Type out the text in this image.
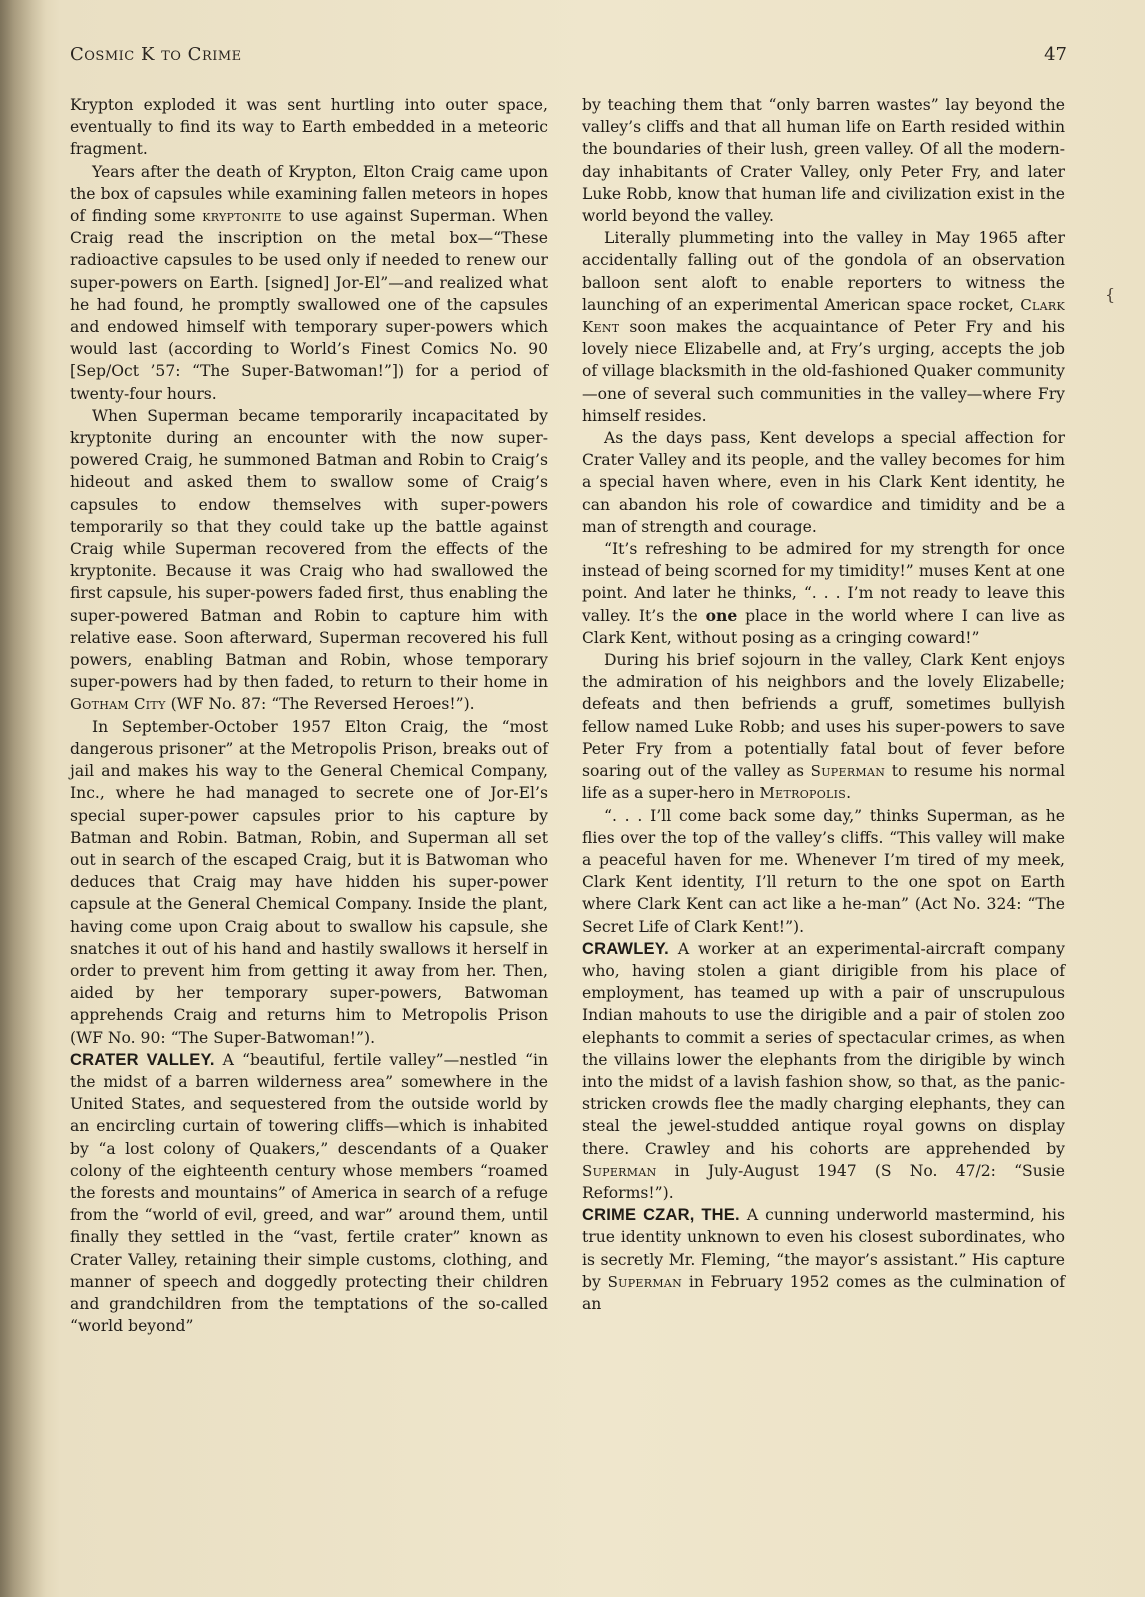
Cosmic K to Crime	47
{

Krypton exploded it was sent hurtling into outer space, eventually to find its way to Earth embedded in a meteoric fragment.

Years after the death of Krypton, Elton Craig came upon the box of capsules while examining fallen meteors in hopes of finding some kryptonite to use against Superman. When Craig read the inscription on the metal box—“These radioactive capsules to be used only if needed to renew our super-powers on Earth. [signed] Jor-El”—and realized what he had found, he promptly swallowed one of the capsules and endowed himself with temporary super-powers which would last (according to World’s Finest Comics No. 90 [Sep/Oct ’57: “The Super-Batwoman!”]) for a period of twenty-four hours.

When Superman became temporarily incapacitated by kryptonite during an encounter with the now super-powered Craig, he summoned Batman and Robin to Craig’s hideout and asked them to swallow some of Craig’s capsules to endow themselves with super-powers temporarily so that they could take up the battle against Craig while Superman recovered from the effects of the kryptonite. Because it was Craig who had swallowed the first capsule, his super-powers faded first, thus enabling the super-powered Batman and Robin to capture him with relative ease. Soon afterward, Superman recovered his full powers, enabling Batman and Robin, whose temporary super-powers had by then faded, to return to their home in Gotham City (WF No. 87: “The Reversed Heroes!”).

In September-October 1957 Elton Craig, the “most dangerous prisoner” at the Metropolis Prison, breaks out of jail and makes his way to the General Chemical Company, Inc., where he had managed to secrete one of Jor-El’s special super-power capsules prior to his capture by Batman and Robin. Batman, Robin, and Superman all set out in search of the escaped Craig, but it is Batwoman who deduces that Craig may have hidden his super-power capsule at the General Chemical Company. Inside the plant, having come upon Craig about to swallow his capsule, she snatches it out of his hand and hastily swallows it herself in order to prevent him from getting it away from her. Then, aided by her temporary super-powers, Batwoman apprehends Craig and returns him to Metropolis Prison (WF No. 90: “The Super-Batwoman!”).

CRATER VALLEY. A “beautiful, fertile valley”—nestled “in the midst of a barren wilderness area” somewhere in the United States, and sequestered from the outside world by an encircling curtain of towering cliffs—which is inhabited by “a lost colony of Quakers,” descendants of a Quaker colony of the eighteenth century whose members “roamed the forests and mountains” of America in search of a refuge from the “world of evil, greed, and war” around them, until finally they settled in the “vast, fertile crater” known as Crater Valley, retaining their simple customs, clothing, and manner of speech and doggedly protecting their children and grandchildren from the temptations of the so-called “world beyond”

by teaching them that “only barren wastes” lay beyond the valley’s cliffs and that all human life on Earth resided within the boundaries of their lush, green valley. Of all the modern-day inhabitants of Crater Valley, only Peter Fry, and later Luke Robb, know that human life and civilization exist in the world beyond the valley.

Literally plummeting into the valley in May 1965 after accidentally falling out of the gondola of an observation balloon sent aloft to enable reporters to witness the launching of an experimental American space rocket, Clark Kent soon makes the acquaintance of Peter Fry and his lovely niece Elizabelle and, at Fry’s urging, accepts the job of village blacksmith in the old-fashioned Quaker community—one of several such communities in the valley—where Fry himself resides.

As the days pass, Kent develops a special affection for Crater Valley and its people, and the valley becomes for him a special haven where, even in his Clark Kent identity, he can abandon his role of cowardice and timidity and be a man of strength and courage.

“It’s refreshing to be admired for my strength for once instead of being scorned for my timidity!” muses Kent at one point. And later he thinks, “. . . I’m not ready to leave this valley. It’s the one place in the world where I can live as Clark Kent, without posing as a cringing coward!”

During his brief sojourn in the valley, Clark Kent enjoys the admiration of his neighbors and the lovely Elizabelle; defeats and then befriends a gruff, sometimes bullyish fellow named Luke Robb; and uses his super-powers to save Peter Fry from a potentially fatal bout of fever before soaring out of the valley as Superman to resume his normal life as a super-hero in Metropolis.

“. . . I’ll come back some day,” thinks Superman, as he flies over the top of the valley’s cliffs. “This valley will make a peaceful haven for me. Whenever I’m tired of my meek, Clark Kent identity, I’ll return to the one spot on Earth where Clark Kent can act like a he-man” (Act No. 324: “The Secret Life of Clark Kent!”).

CRAWLEY. A worker at an experimental-aircraft company who, having stolen a giant dirigible from his place of employment, has teamed up with a pair of unscrupulous Indian mahouts to use the dirigible and a pair of stolen zoo elephants to commit a series of spectacular crimes, as when the villains lower the elephants from the dirigible by winch into the midst of a lavish fashion show, so that, as the panic-stricken crowds flee the madly charging elephants, they can steal the jewel-studded antique royal gowns on display there. Crawley and his cohorts are apprehended by Superman in July-August 1947 (S No. 47/2: “Susie Reforms!”).

CRIME CZAR, THE. A cunning underworld mastermind, his true identity unknown to even his closest subordinates, who is secretly Mr. Fleming, “the mayor’s assistant.” His capture by Superman in February 1952 comes as the culmination of an
